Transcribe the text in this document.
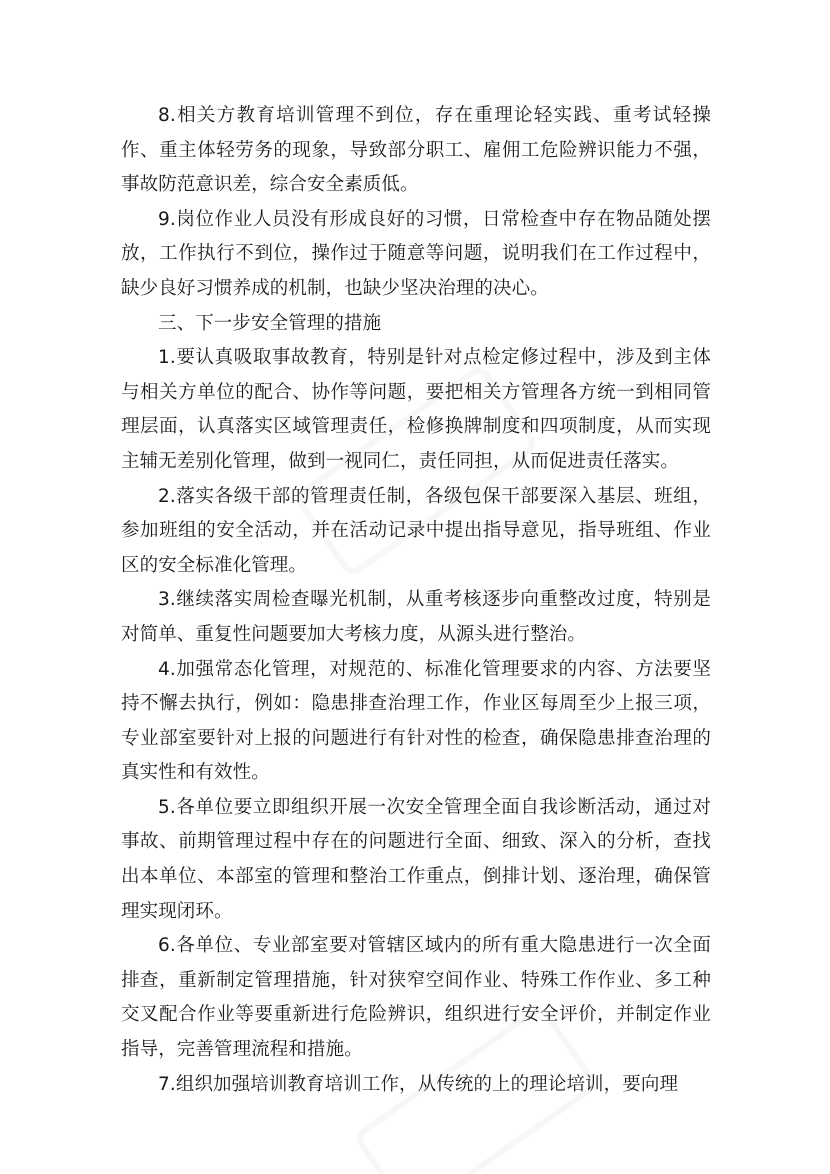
8.相关方教育培训管理不到位，存在重理论轻实践、重考试轻操作、重主体轻劳务的现象，导致部分职工、雇佣工危险辨识能力不强，事故防范意识差，综合安全素质低。

9.岗位作业人员没有形成良好的习惯，日常检查中存在物品随处摆放，工作执行不到位，操作过于随意等问题，说明我们在工作过程中，缺少良好习惯养成的机制，也缺少坚决治理的决心。

三、下一步安全管理的措施

1.要认真吸取事故教育，特别是针对点检定修过程中，涉及到主体与相关方单位的配合、协作等问题，要把相关方管理各方统一到相同管理层面，认真落实区域管理责任，检修换牌制度和四项制度，从而实现主辅无差别化管理，做到一视同仁，责任同担，从而促进责任落实。

2.落实各级干部的管理责任制，各级包保干部要深入基层、班组，参加班组的安全活动，并在活动记录中提出指导意见，指导班组、作业区的安全标准化管理。

3.继续落实周检查曝光机制，从重考核逐步向重整改过度，特别是对简单、重复性问题要加大考核力度，从源头进行整治。

4.加强常态化管理，对规范的、标准化管理要求的内容、方法要坚持不懈去执行，例如：隐患排查治理工作，作业区每周至少上报三项，专业部室要针对上报的问题进行有针对性的检查，确保隐患排查治理的真实性和有效性。

5.各单位要立即组织开展一次安全管理全面自我诊断活动，通过对事故、前期管理过程中存在的问题进行全面、细致、深入的分析，查找出本单位、本部室的管理和整治工作重点，倒排计划、逐治理，确保管理实现闭环。

6.各单位、专业部室要对管辖区域内的所有重大隐患进行一次全面排查，重新制定管理措施，针对狭窄空间作业、特殊工作作业、多工种交叉配合作业等要重新进行危险辨识，组织进行安全评价，并制定作业指导，完善管理流程和措施。

7.组织加强培训教育培训工作，从传统的上的理论培训，要向理
